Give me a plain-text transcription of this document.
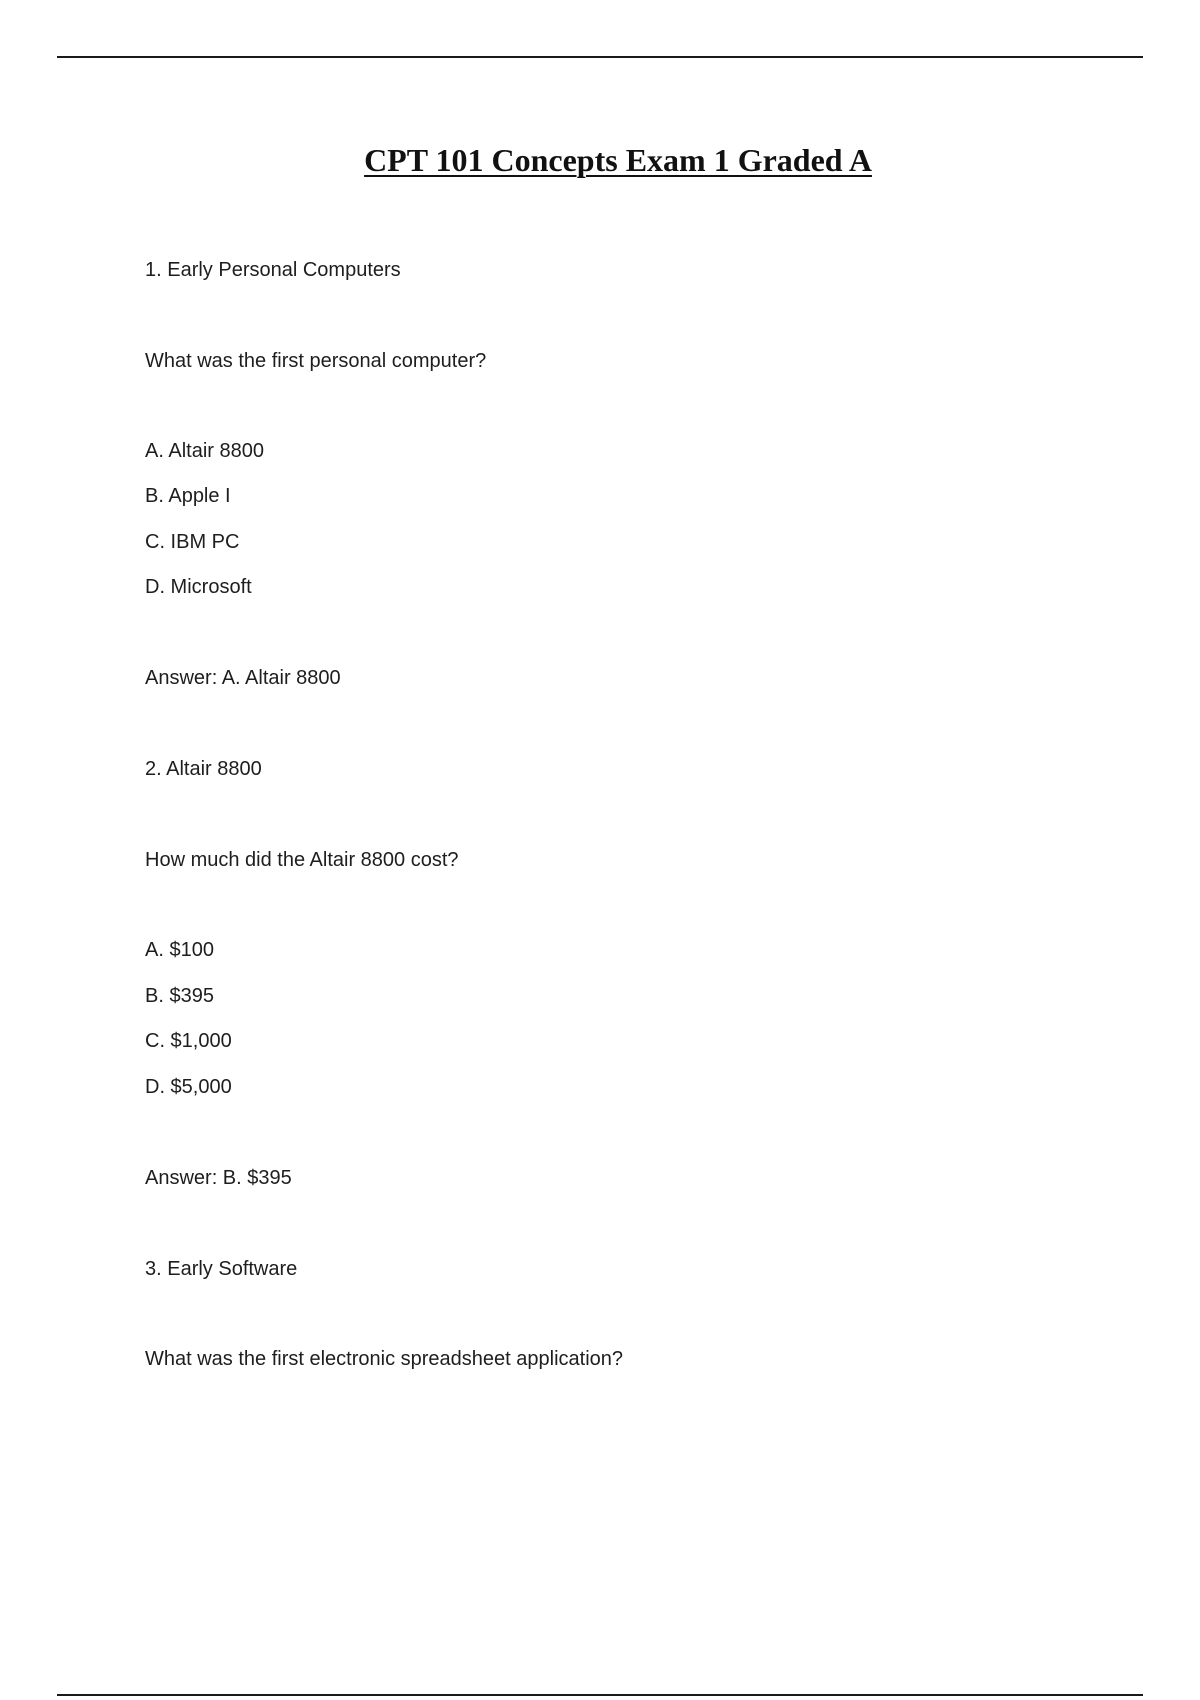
CPT 101 Concepts Exam 1 Graded A
1. Early Personal Computers
What was the first personal computer?
A. Altair 8800
B. Apple I
C. IBM PC
D. Microsoft
Answer: A. Altair 8800
2. Altair 8800
How much did the Altair 8800 cost?
A. $100
B. $395
C. $1,000
D. $5,000
Answer: B. $395
3. Early Software
What was the first electronic spreadsheet application?
